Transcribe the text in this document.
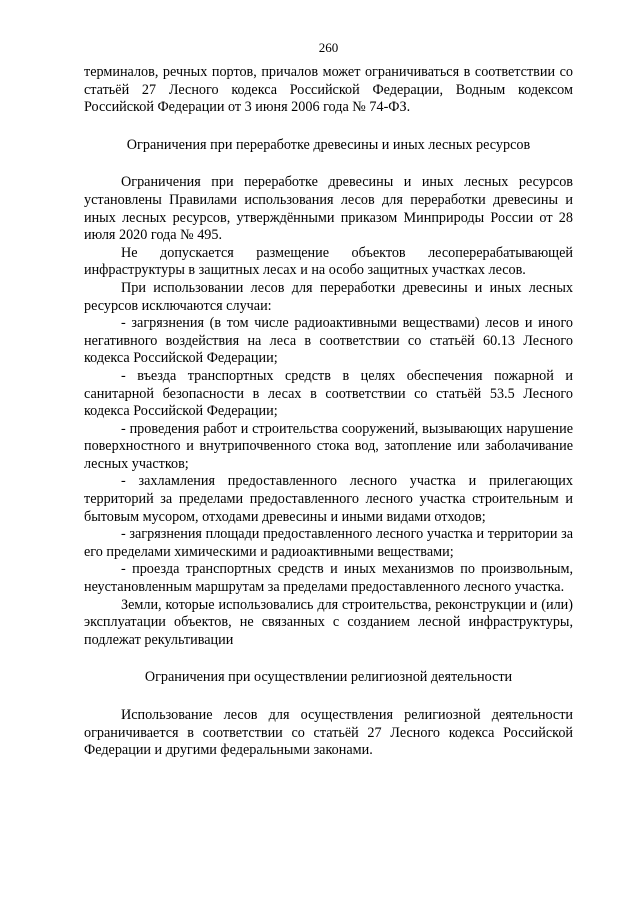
260

терминалов, речных портов, причалов может ограничиваться в соответствии со статьёй 27 Лесного кодекса Российской Федерации, Водным кодексом Российской Федерации от 3 июня 2006 года № 74-ФЗ.

Ограничения при переработке древесины и иных лесных ресурсов

Ограничения при переработке древесины и иных лесных ресурсов установлены Правилами использования лесов для переработки древесины и иных лесных ресурсов, утверждёнными приказом Минприроды России от 28 июля 2020 года № 495.

Не допускается размещение объектов лесоперерабатывающей инфраструктуры в защитных лесах и на особо защитных участках лесов.

При использовании лесов для переработки древесины и иных лесных ресурсов исключаются случаи:

- загрязнения (в том числе радиоактивными веществами) лесов и иного негативного воздействия на леса в соответствии со статьёй 60.13 Лесного кодекса Российской Федерации;

- въезда транспортных средств в целях обеспечения пожарной и санитарной безопасности в лесах в соответствии со статьёй 53.5 Лесного кодекса Российской Федерации;

- проведения работ и строительства сооружений, вызывающих нарушение поверхностного и внутрипочвенного стока вод, затопление или заболачивание лесных участков;

- захламления предоставленного лесного участка и прилегающих территорий за пределами предоставленного лесного участка строительным и бытовым мусором, отходами древесины и иными видами отходов;

- загрязнения площади предоставленного лесного участка и территории за его пределами химическими и радиоактивными веществами;

- проезда транспортных средств и иных механизмов по произвольным, неустановленным маршрутам за пределами предоставленного лесного участка.

Земли, которые использовались для строительства, реконструкции и (или) эксплуатации объектов, не связанных с созданием лесной инфраструктуры, подлежат рекультивации

Ограничения при осуществлении религиозной деятельности

Использование лесов для осуществления религиозной деятельности ограничивается в соответствии со статьёй 27 Лесного кодекса Российской Федерации и другими федеральными законами.
